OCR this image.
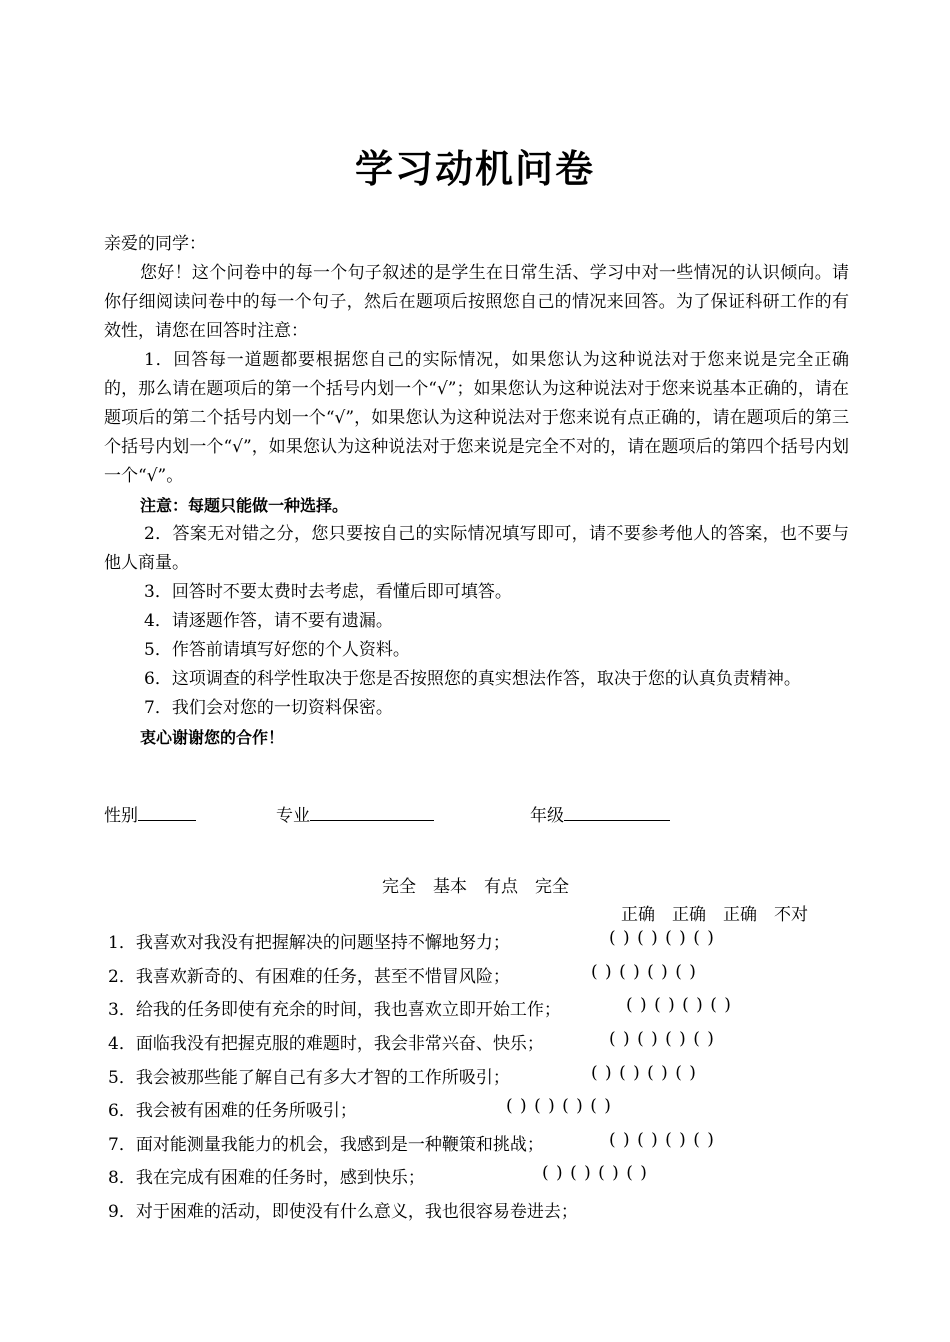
学习动机问卷

亲爱的同学：

您好！这个问卷中的每一个句子叙述的是学生在日常生活、学习中对一些情况的认识倾向。请你仔细阅读问卷中的每一个句子，然后在题项后按照您自己的情况来回答。为了保证科研工作的有效性，请您在回答时注意：

1．回答每一道题都要根据您自己的实际情况，如果您认为这种说法对于您来说是完全正确的，那么请在题项后的第一个括号内划一个“√”；如果您认为这种说法对于您来说基本正确的，请在题项后的第二个括号内划一个“√”，如果您认为这种说法对于您来说有点正确的，请在题项后的第三个括号内划一个“√”，如果您认为这种说法对于您来说是完全不对的，请在题项后的第四个括号内划一个“√”。

注意：每题只能做一种选择。

2．答案无对错之分，您只要按自己的实际情况填写即可，请不要参考他人的答案，也不要与他人商量。

3．回答时不要太费时去考虑，看懂后即可填答。

4．请逐题作答，请不要有遗漏。

5．作答前请填写好您的个人资料。

6．这项调查的科学性取决于您是否按照您的真实想法作答，取决于您的认真负责精神。

7．我们会对您的一切资料保密。

衷心谢谢您的合作！

性别	专业	年级
完全　基本　有点　完全
正确　正确　正确　不对
1．我喜欢对我没有把握解决的问题坚持不懈地努力；	( ) ( ) ( ) ( )
2．我喜欢新奇的、有困难的任务，甚至不惜冒风险；	( ) ( ) ( ) ( )
3．给我的任务即使有充余的时间，我也喜欢立即开始工作；	( ) ( ) ( ) ( )
4．面临我没有把握克服的难题时，我会非常兴奋、快乐；	( ) ( ) ( ) ( )
5．我会被那些能了解自己有多大才智的工作所吸引；	( ) ( ) ( ) ( )
6．我会被有困难的任务所吸引；	( ) ( ) ( ) ( )
7．面对能测量我能力的机会，我感到是一种鞭策和挑战；	( ) ( ) ( ) ( )
8．我在完成有困难的任务时，感到快乐；	( ) ( ) ( ) ( )
9．对于困难的活动，即使没有什么意义，我也很容易卷进去；
